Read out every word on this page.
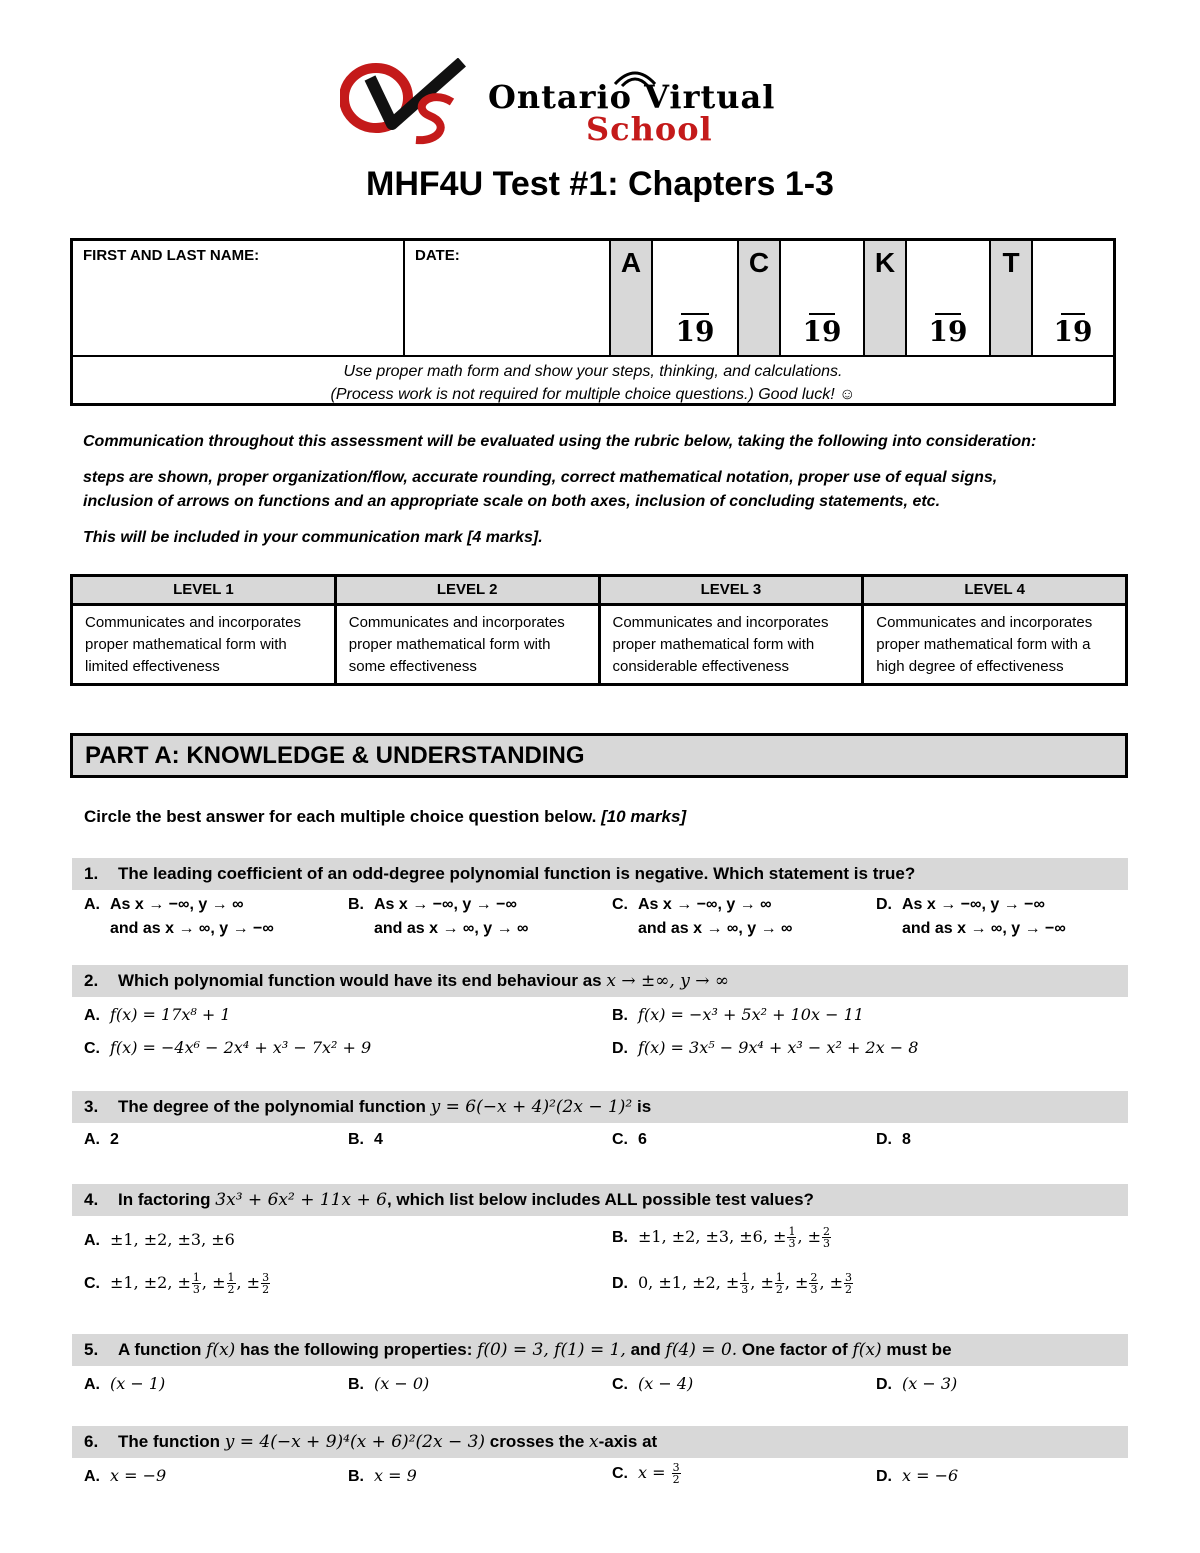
Ontario Virtual
School
MHF4U Test #1: Chapters 1-3
FIRST AND LAST NAME:	DATE:	A
19
C
19
K
19
T
19
Use proper math form and show your steps, thinking, and calculations.
(Process work is not required for multiple choice questions.) Good luck! ☺
Communication throughout this assessment will be evaluated using the rubric below, taking the following into consideration:
steps are shown, proper organization/flow, accurate rounding, correct mathematical notation, proper use of equal signs,
inclusion of arrows on functions and an appropriate scale on both axes, inclusion of concluding statements, etc.
This will be included in your communication mark [4 marks].
LEVEL 1
Communicates and incorporates proper mathematical form with limited effectiveness
LEVEL 2
Communicates and incorporates proper mathematical form with some effectiveness
LEVEL 3
Communicates and incorporates proper mathematical form with considerable effectiveness
LEVEL 4
Communicates and incorporates proper mathematical form with a high degree of effectiveness
PART A: KNOWLEDGE & UNDERSTANDING
Circle the best answer for each multiple choice question below. [10 marks]
1. The leading coefficient of an odd-degree polynomial function is negative. Which statement is true?
A. As x → −∞, y → ∞
and as x → ∞, y → −∞
B. As x → −∞, y → −∞
and as x → ∞, y → ∞
C. As x → −∞, y → ∞
and as x → ∞, y → ∞
D. As x → −∞, y → −∞
and as x → ∞, y → −∞
2. Which polynomial function would have its end behaviour as x → ±∞, y → ∞
A. f(x) = 17x⁸ + 1	B. f(x) = −x³ + 5x² + 10x − 11
C. f(x) = −4x⁶ − 2x⁴ + x³ − 7x² + 9	D. f(x) = 3x⁵ − 9x⁴ + x³ − x² + 2x − 8
3. The degree of the polynomial function y = 6(−x + 4)²(2x − 1)² is
A. 2	B. 4	C. 6	D. 8
4. In factoring 3x³ + 6x² + 11x + 6, which list below includes ALL possible test values?
A. ±1, ±2, ±3, ±6	B. ±1, ±2, ±3, ±6, ± $\frac{1}{3}$ , ± $\frac{2}{3}$
C. ±1, ±2, ± $\frac{1}{3}$ , ± $\frac{1}{2}$ , ± $\frac{3}{2}$	D. 0, ±1, ±2, ± $\frac{1}{3}$ , ± $\frac{1}{2}$ , ± $\frac{2}{3}$ , ± $\frac{3}{2}$
5. A function f(x) has the following properties: f(0) = 3, f(1) = 1, and f(4) = 0. One factor of f(x) must be
A. (x − 1)	B. (x − 0)	C. (x − 4)	D. (x − 3)
6. The function y = 4(−x + 9)⁴(x + 6)²(2x − 3) crosses the x-axis at
A. x = −9	B. x = 9	C. $x = \frac{3}{2}$	D. x = −6
